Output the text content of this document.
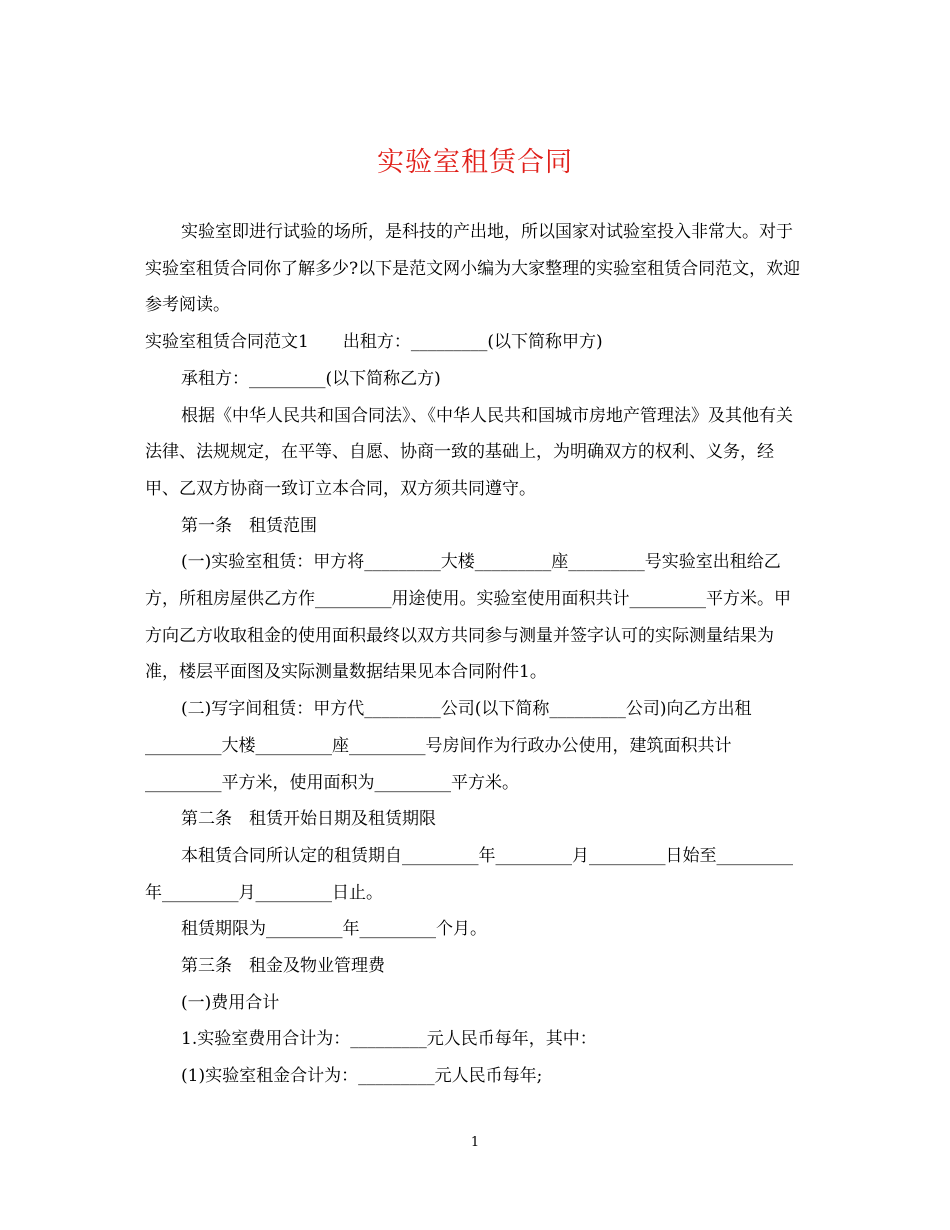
实验室租赁合同

实验室即进行试验的场所，是科技的产出地，所以国家对试验室投入非常大。对于实验室租赁合同你了解多少?以下是范文网小编为大家整理的实验室租赁合同范文，欢迎参考阅读。

实验室租赁合同范文1　　出租方：_________(以下简称甲方)

承租方：_________(以下简称乙方)

根据《中华人民共和国合同法》、《中华人民共和国城市房地产管理法》及其他有关法律、法规规定，在平等、自愿、协商一致的基础上，为明确双方的权利、义务，经甲、乙双方协商一致订立本合同，双方须共同遵守。

第一条　租赁范围

(一)实验室租赁：甲方将_________大楼_________座_________号实验室出租给乙方，所租房屋供乙方作_________用途使用。实验室使用面积共计_________平方米。甲方向乙方收取租金的使用面积最终以双方共同参与测量并签字认可的实际测量结果为准，楼层平面图及实际测量数据结果见本合同附件1。

(二)写字间租赁：甲方代_________公司(以下简称_________公司)向乙方出租_________大楼_________座_________号房间作为行政办公使用，建筑面积共计_________平方米，使用面积为_________平方米。

第二条　租赁开始日期及租赁期限

本租赁合同所认定的租赁期自_________年_________月_________日始至_________年_________月_________日止。

租赁期限为_________年_________个月。

第三条　租金及物业管理费

(一)费用合计

1.实验室费用合计为：_________元人民币每年，其中：

(1)实验室租金合计为：_________元人民币每年;

1
